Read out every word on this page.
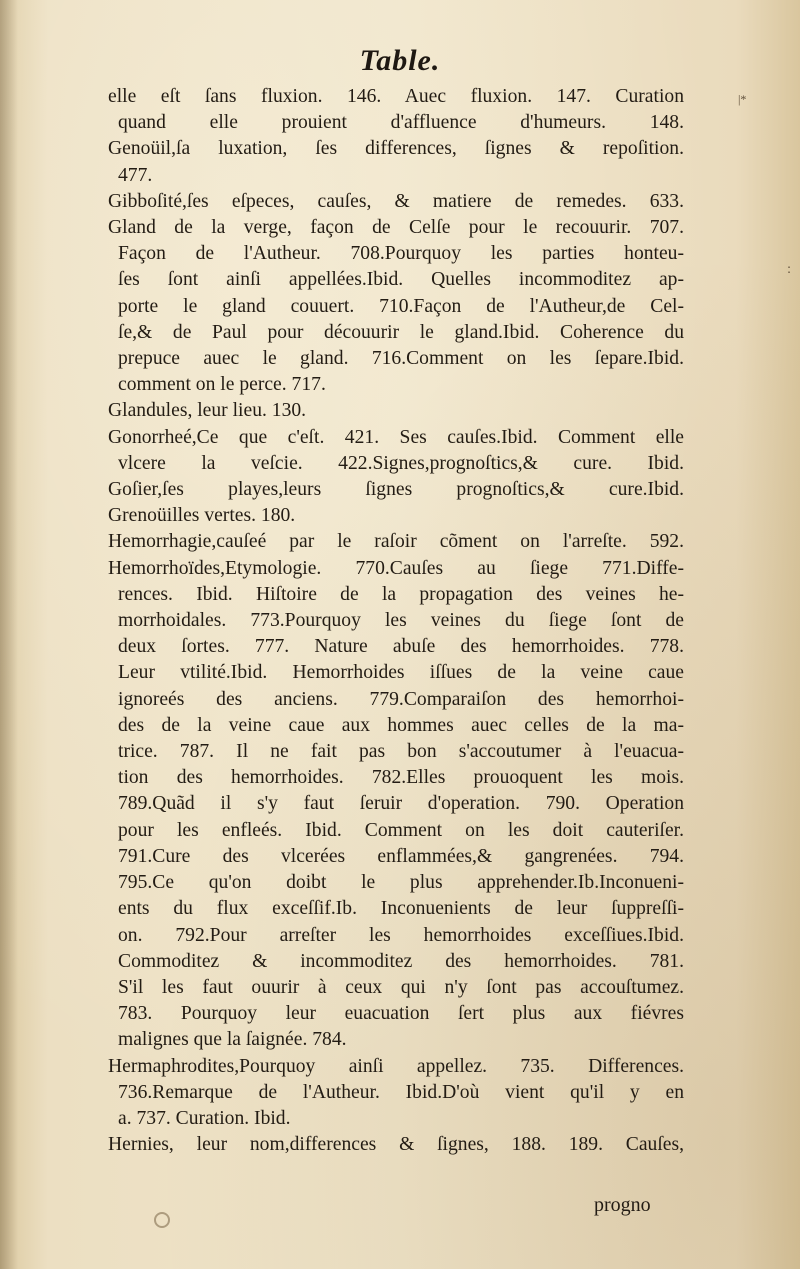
Table.
elle eſt ſans fluxion. 146. Auec fluxion. 147. Curation
quand elle prouient d'affluence d'humeurs. 148.
Genoüil,ſa luxation, ſes differences, ſignes & repoſition.
477.
Gibboſité,ſes eſpeces, cauſes, & matiere de remedes. 633.
Gland de la verge, façon de Celſe pour le recouurir. 707.
Façon de l'Autheur. 708.Pourquoy les parties honteu-
ſes ſont ainſi appellées.Ibid. Quelles incommoditez ap-
porte le gland couuert. 710.Façon de l'Autheur,de Cel-
ſe,& de Paul pour découurir le gland.Ibid. Coherence du
prepuce auec le gland. 716.Comment on les ſepare.Ibid.
comment on le perce. 717.
Glandules, leur lieu. 130.
Gonorrheé,Ce que c'eſt. 421. Ses cauſes.Ibid. Comment elle
vlcere la veſcie. 422.Signes,prognoſtics,& cure. Ibid.
Goſier,ſes playes,leurs ſignes prognoſtics,& cure.Ibid.
Grenoüilles vertes. 180.
Hemorrhagie,cauſeé par le raſoir cõment on l'arreſte. 592.
Hemorrhoïdes,Etymologie. 770.Cauſes au ſiege 771.Diffe-
rences. Ibid. Hiſtoire de la propagation des veines he-
morrhoidales. 773.Pourquoy les veines du ſiege ſont de
deux ſortes. 777. Nature abuſe des hemorrhoides. 778.
Leur vtilité.Ibid. Hemorrhoides iſſues de la veine caue
ignoreés des anciens. 779.Comparaiſon des hemorrhoi-
des de la veine caue aux hommes auec celles de la ma-
trice. 787. Il ne fait pas bon s'accoutumer à l'euacua-
tion des hemorrhoides. 782.Elles prouoquent les mois.
789.Quãd il s'y faut ſeruir d'operation. 790. Operation
pour les enfleés. Ibid. Comment on les doit cauteriſer.
791.Cure des vlcerées enflammées,& gangrenées. 794.
795.Ce qu'on doibt le plus apprehender.Ib.Inconueni-
ents du flux exceſſif.Ib. Inconuenients de leur ſuppreſſi-
on. 792.Pour arreſter les hemorrhoides exceſſiues.Ibid.
Commoditez & incommoditez des hemorrhoides. 781.
S'il les faut ouurir à ceux qui n'y ſont pas accouſtumez.
783. Pourquoy leur euacuation ſert plus aux fiévres
malignes que la ſaignée. 784.
Hermaphrodites,Pourquoy ainſi appellez. 735. Differences.
736.Remarque de l'Autheur. Ibid.D'où vient qu'il y en
a. 737. Curation. Ibid.
Hernies, leur nom,differences & ſignes, 188. 189. Cauſes,
progno
|*
:
